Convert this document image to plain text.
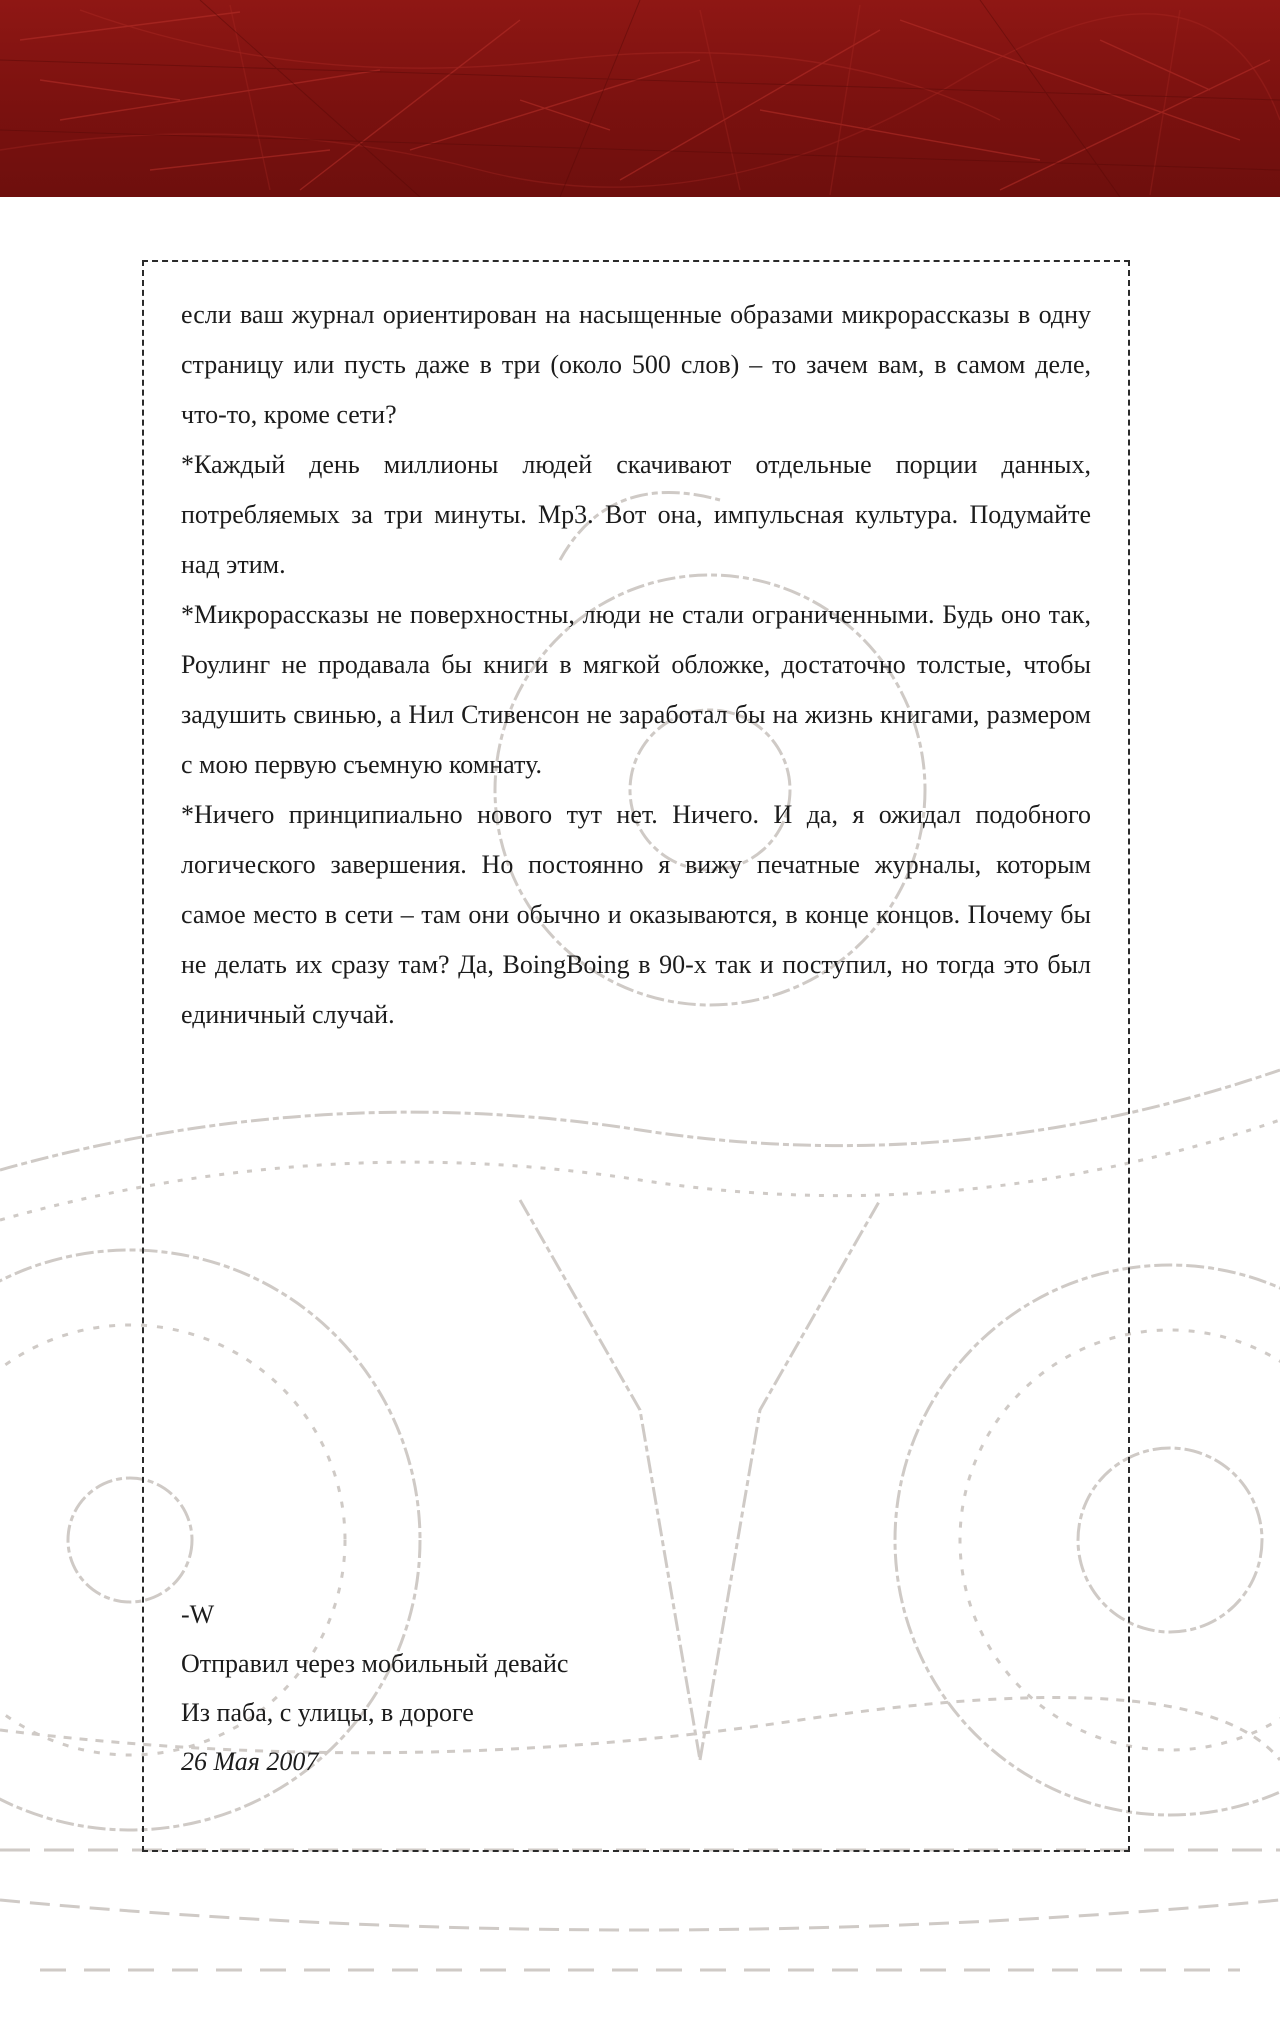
если ваш журнал ориентирован на насыщенные образами микрорассказы в одну страницу или пусть даже в три (около 500 слов) – то зачем вам, в самом деле, что-то, кроме сети?

*Каждый день миллионы людей скачивают отдельные порции данных, потребляемых за три минуты. Mp3. Вот она, импульсная культура. Подумайте над этим.

*Микрорассказы не поверхностны, люди не стали ограниченными. Будь оно так, Роулинг не продавала бы книги в мягкой обложке, достаточно толстые, чтобы задушить свинью, а Нил Стивенсон не заработал бы на жизнь книгами, размером с мою первую съемную комнату.

*Ничего принципиально нового тут нет. Ничего. И да, я ожидал подобного логического завершения. Но постоянно я вижу печатные журналы, которым самое место в сети – там они обычно и оказываются, в конце концов. Почему бы не делать их сразу там? Да, BoingBoing в 90-х так и поступил, но тогда это был единичный случай.

-W
Отправил через мобильный девайс
Из паба, с улицы, в дороге
26 Мая 2007
